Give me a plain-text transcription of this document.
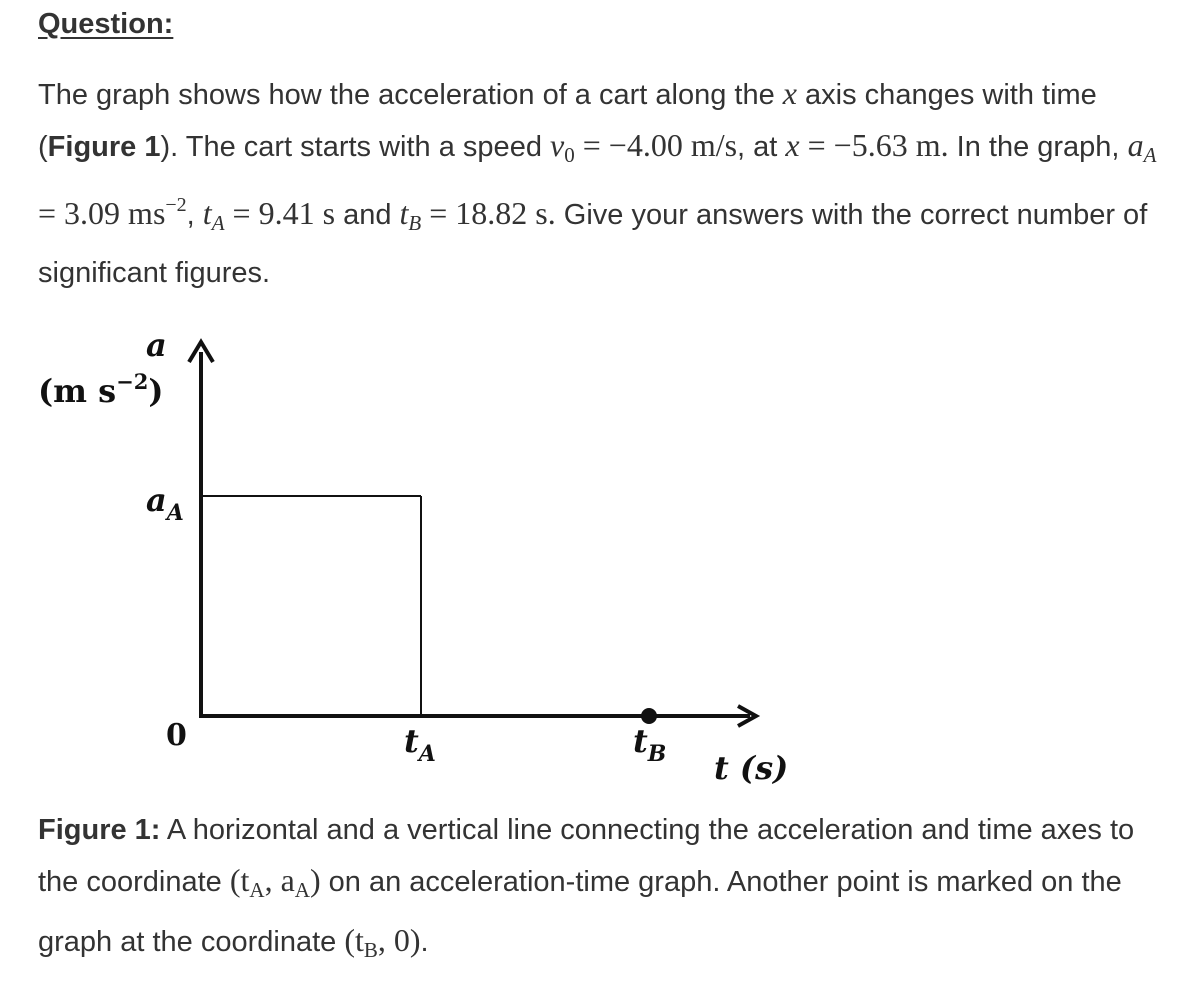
Question:
The graph shows how the acceleration of a cart along the x axis changes with time (Figure 1). The cart starts with a speed $v_0 = -4.00$ m/s, at x = −5.63 m. In the graph, $a_A = 3.09$ $ms^{-2}$, $t_A = 9.41$ s and $t_B = 18.82$ s. Give your answers with the correct number of significant figures.
a
(m $s^{-2}$)
$a_A$
0	$t_A$	$t_B$ t (s)
Figure 1: A horizontal and a vertical line connecting the acceleration and time axes to the coordinate ($t_A$, $a_A$) on an acceleration-time graph. Another point is marked on the graph at the coordinate ($t_B$, 0).
